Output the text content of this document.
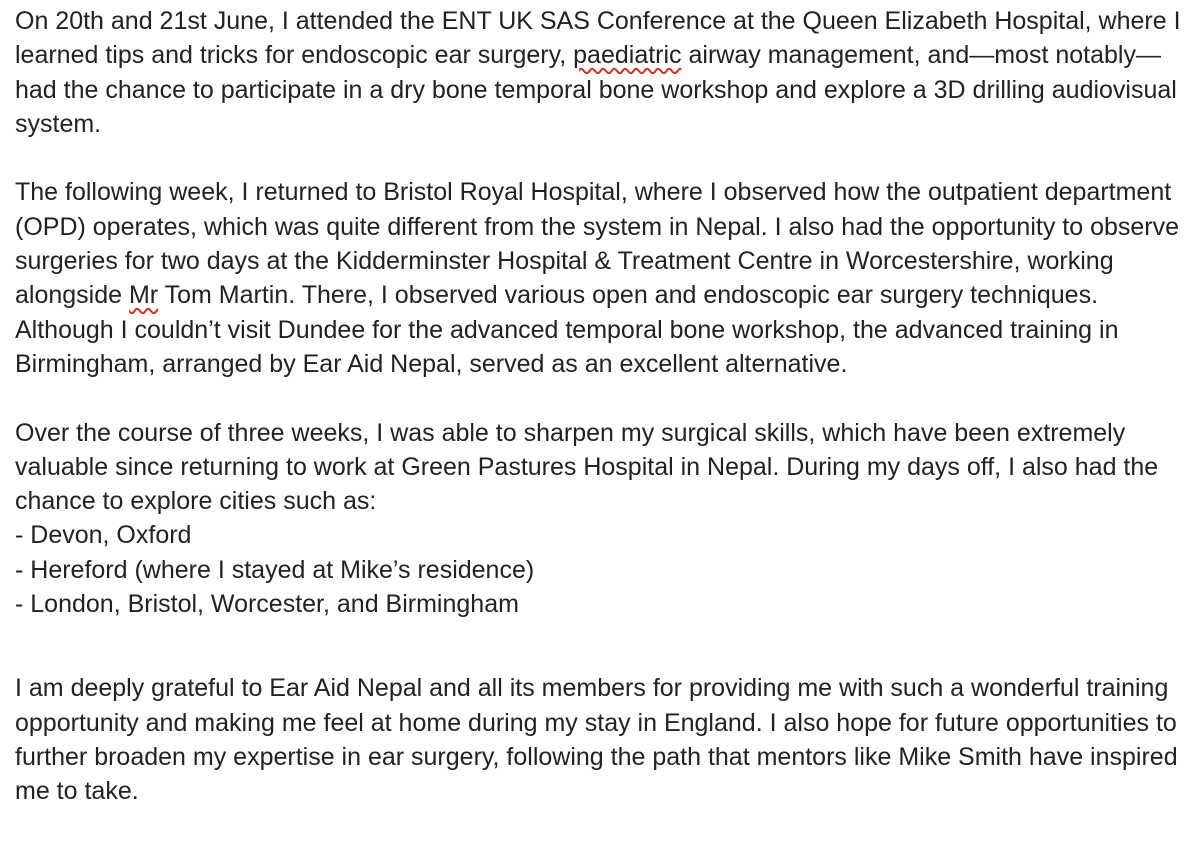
On 20th and 21st June, I attended the ENT UK SAS Conference at the Queen Elizabeth Hospital, where I learned tips and tricks for endoscopic ear surgery, paediatric airway management, and—most notably—had the chance to participate in a dry bone temporal bone workshop and explore a 3D drilling audiovisual system.

The following week, I returned to Bristol Royal Hospital, where I observed how the outpatient department (OPD) operates, which was quite different from the system in Nepal. I also had the opportunity to observe surgeries for two days at the Kidderminster Hospital & Treatment Centre in Worcestershire, working alongside Mr Tom Martin. There, I observed various open and endoscopic ear surgery techniques. Although I couldn’t visit Dundee for the advanced temporal bone workshop, the advanced training in Birmingham, arranged by Ear Aid Nepal, served as an excellent alternative.

Over the course of three weeks, I was able to sharpen my surgical skills, which have been extremely valuable since returning to work at Green Pastures Hospital in Nepal. During my days off, I also had the chance to explore cities such as:

- Devon, Oxford
- Hereford (where I stayed at Mike’s residence)
- London, Bristol, Worcester, and Birmingham

I am deeply grateful to Ear Aid Nepal and all its members for providing me with such a wonderful training opportunity and making me feel at home during my stay in England. I also hope for future opportunities to further broaden my expertise in ear surgery, following the path that mentors like Mike Smith have inspired me to take.
